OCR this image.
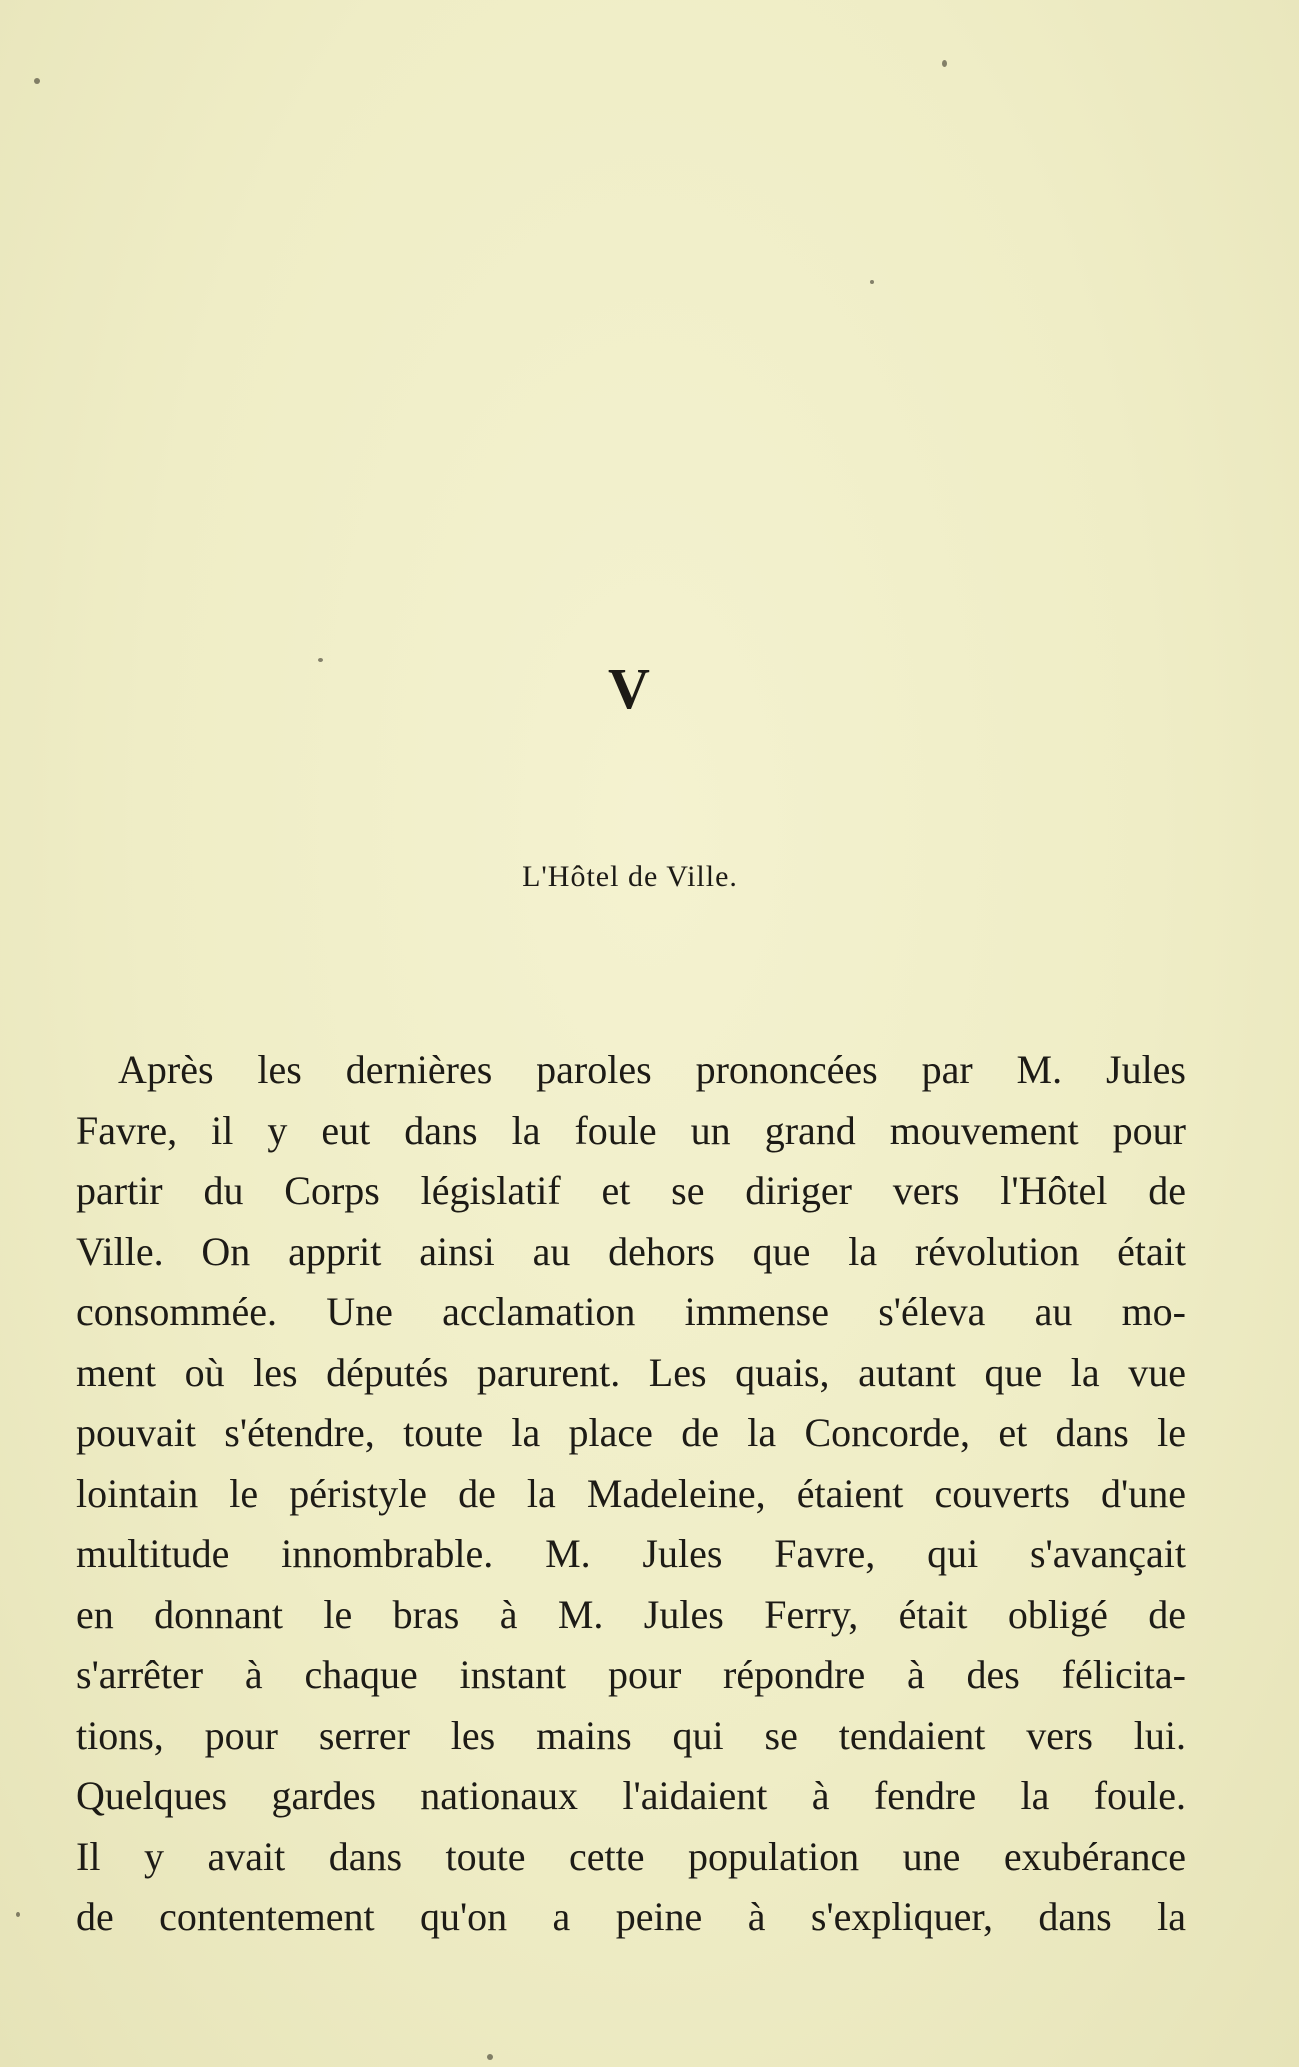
V
L'Hôtel de Ville.
Après les dernières paroles prononcées par M. Jules
Favre, il y eut dans la foule un grand mouvement pour
partir du Corps législatif et se diriger vers l'Hôtel de
Ville. On apprit ainsi au dehors que la révolution était
consommée. Une acclamation immense s'éleva au mo-
ment où les députés parurent. Les quais, autant que la vue
pouvait s'étendre, toute la place de la Concorde, et dans le
lointain le péristyle de la Madeleine, étaient couverts d'une
multitude innombrable. M. Jules Favre, qui s'avançait
en donnant le bras à M. Jules Ferry, était obligé de
s'arrêter à chaque instant pour répondre à des félicita-
tions, pour serrer les mains qui se tendaient vers lui.
Quelques gardes nationaux l'aidaient à fendre la foule.
Il y avait dans toute cette population une exubérance
de contentement qu'on a peine à s'expliquer, dans la
